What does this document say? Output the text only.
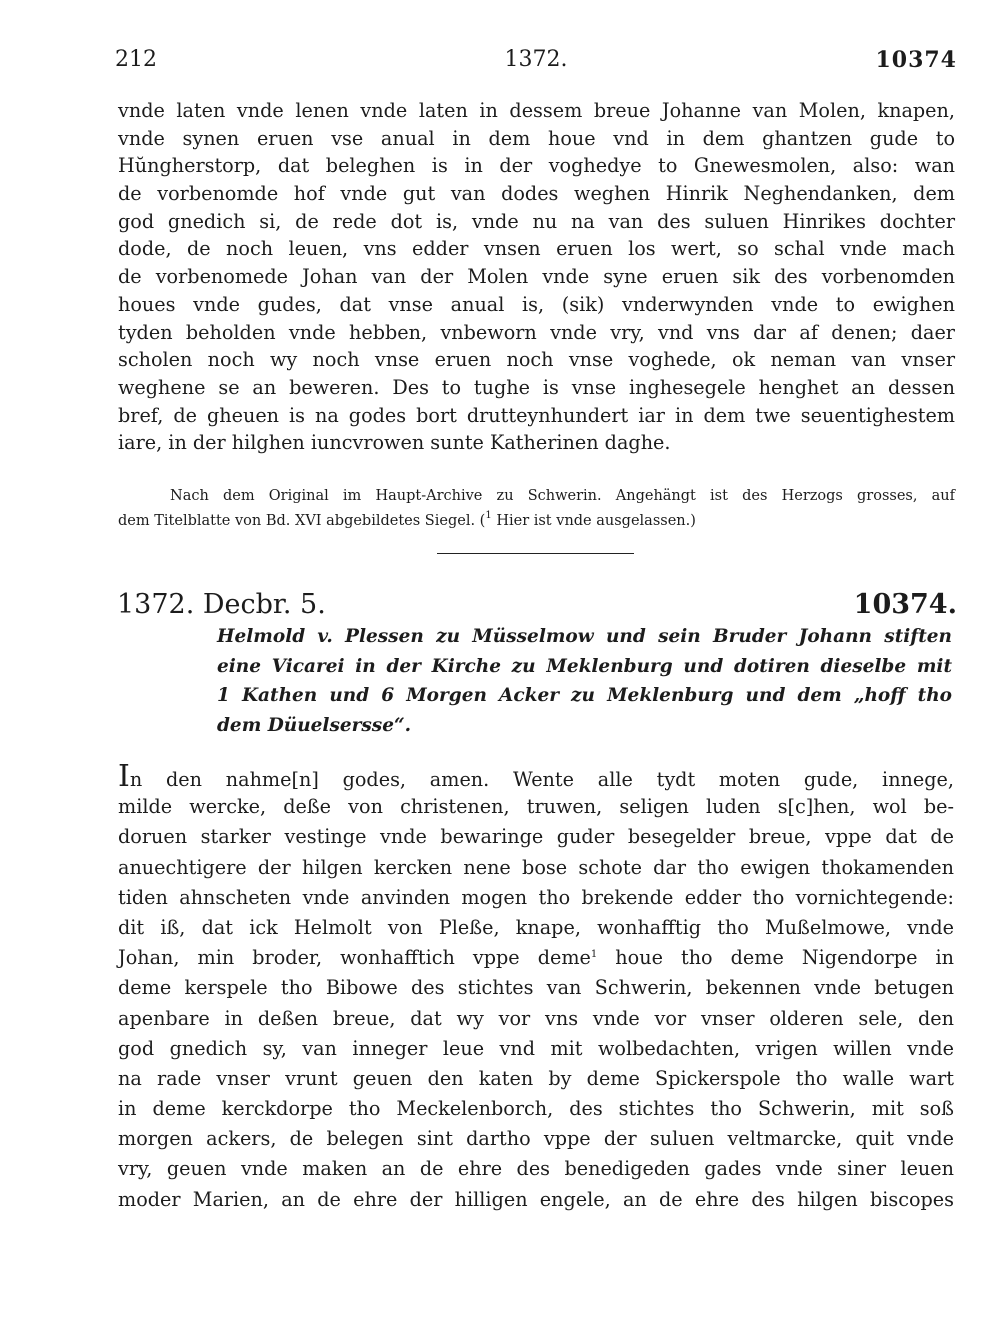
212	1372.	10374
vnde laten vnde lenen vnde laten in dessem breue Johanne van Molen, knapen,
vnde synen eruen vse anual in dem houe vnd in dem ghantzen gude to
Hŭngherstorp, dat beleghen is in der voghedye to Gnewesmolen, also: wan
de vorbenomde hof vnde gut van dodes weghen Hinrik Neghendanken, dem
god gnedich si, de rede dot is, vnde nu na van des suluen Hinrikes dochter
dode, de noch leuen, vns edder vnsen eruen los wert, so schal vnde mach
de vorbenomede Johan van der Molen vnde syne eruen sik des vorbenomden
houes vnde gudes, dat vnse anual is, (sik) vnderwynden vnde to ewighen
tyden beholden vnde hebben, vnbeworn vnde vry, vnd vns dar af denen; daer
scholen noch wy noch vnse eruen noch vnse voghede, ok neman van vnser
weghene se an beweren. Des to tughe is vnse inghesegele henghet an dessen
bref, de gheuen is na godes bort drutteynhundert iar in dem twe seuentighestem
iare, in der hilghen iuncvrowen sunte Katherinen daghe.
Nach dem Original im Haupt-Archive zu Schwerin. Angehängt ist des Herzogs grosses, auf
dem Titelblatte von Bd. XVI abgebildetes Siegel. ($^1$ Hier ist vnde ausgelassen.)
1372. Decbr. 5.	10374.
Helmold v. Plessen zu Müsselmow und sein Bruder Johann stiften
eine Vicarei in der Kirche zu Meklenburg und dotiren dieselbe mit
1 Kathen und 6 Morgen Acker zu Meklenburg und dem „hoff tho
dem Düuelsersse“.
In den nahme[n] godes, amen. Wente alle tydt moten gude, innege,
milde wercke, deße von christenen, truwen, seligen luden s[c]hen, wol be-
doruen starker vestinge vnde bewaringe guder besegelder breue, vppe dat de
anuechtigere der hilgen kercken nene bose schote dar tho ewigen thokamenden
tiden ahnscheten vnde anvinden mogen tho brekende edder tho vornichtegende:
dit iß, dat ick Helmolt von Pleße, knape, wonhafftig tho Mußelmowe, vnde
Johan, min broder, wonhafftich vppe deme$^1$ houe tho deme Nigendorpe in
deme kerspele tho Bibowe des stichtes van Schwerin, bekennen vnde betugen
apenbare in deßen breue, dat wy vor vns vnde vor vnser olderen sele, den
god gnedich sy, van inneger leue vnd mit wolbedachten, vrigen willen vnde
na rade vnser vrunt geuen den katen by deme Spickerspole tho walle wart
in deme kerckdorpe tho Meckelenborch, des stichtes tho Schwerin, mit soß
morgen ackers, de belegen sint dartho vppe der suluen veltmarcke, quit vnde
vry, geuen vnde maken an de ehre des benedigeden gades vnde siner leuen
moder Marien, an de ehre der hilligen engele, an de ehre des hilgen biscopes
